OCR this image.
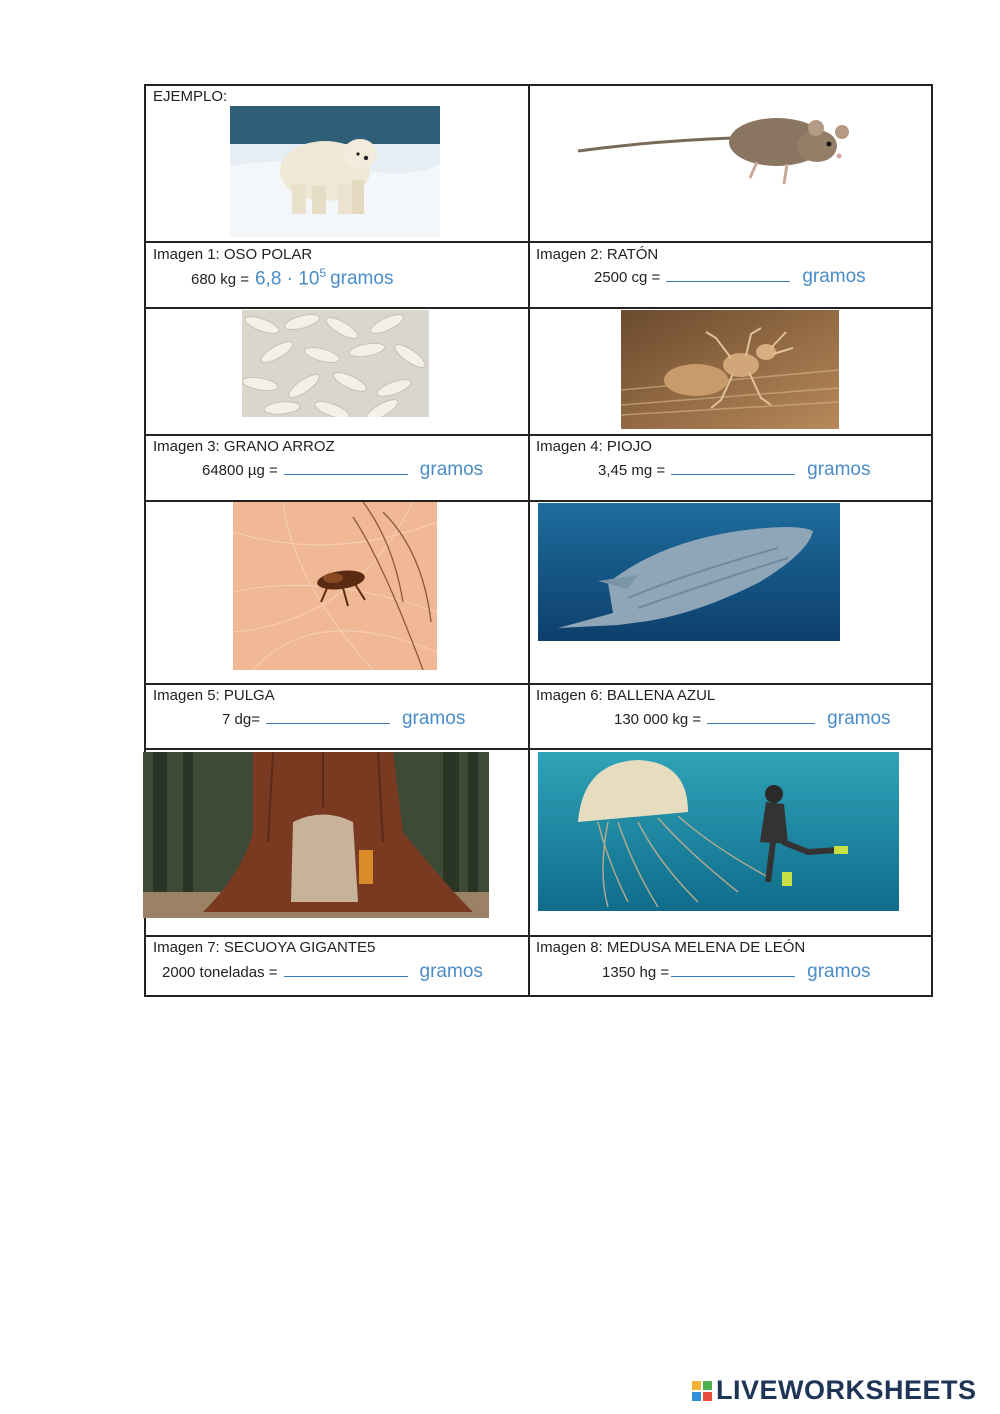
EJEMPLO:
Imagen 1: OSO POLAR
680 kg = $6,8 \cdot 10^5$ gramos
Imagen 2: RATÓN
2500 cg =	gramos
Imagen 3: GRANO ARROZ
64800 µg =	gramos
Imagen 4: PIOJO
3,45 mg =	gramos
Imagen 5: PULGA
7 dg=	gramos
Imagen 6: BALLENA AZUL
130 000 kg =	gramos
Imagen 7: SECUOYA GIGANTE5
2000 toneladas =	gramos
Imagen 8: MEDUSA MELENA DE LEÓN
1350 hg =	gramos
LIVEWORKSHEETS
